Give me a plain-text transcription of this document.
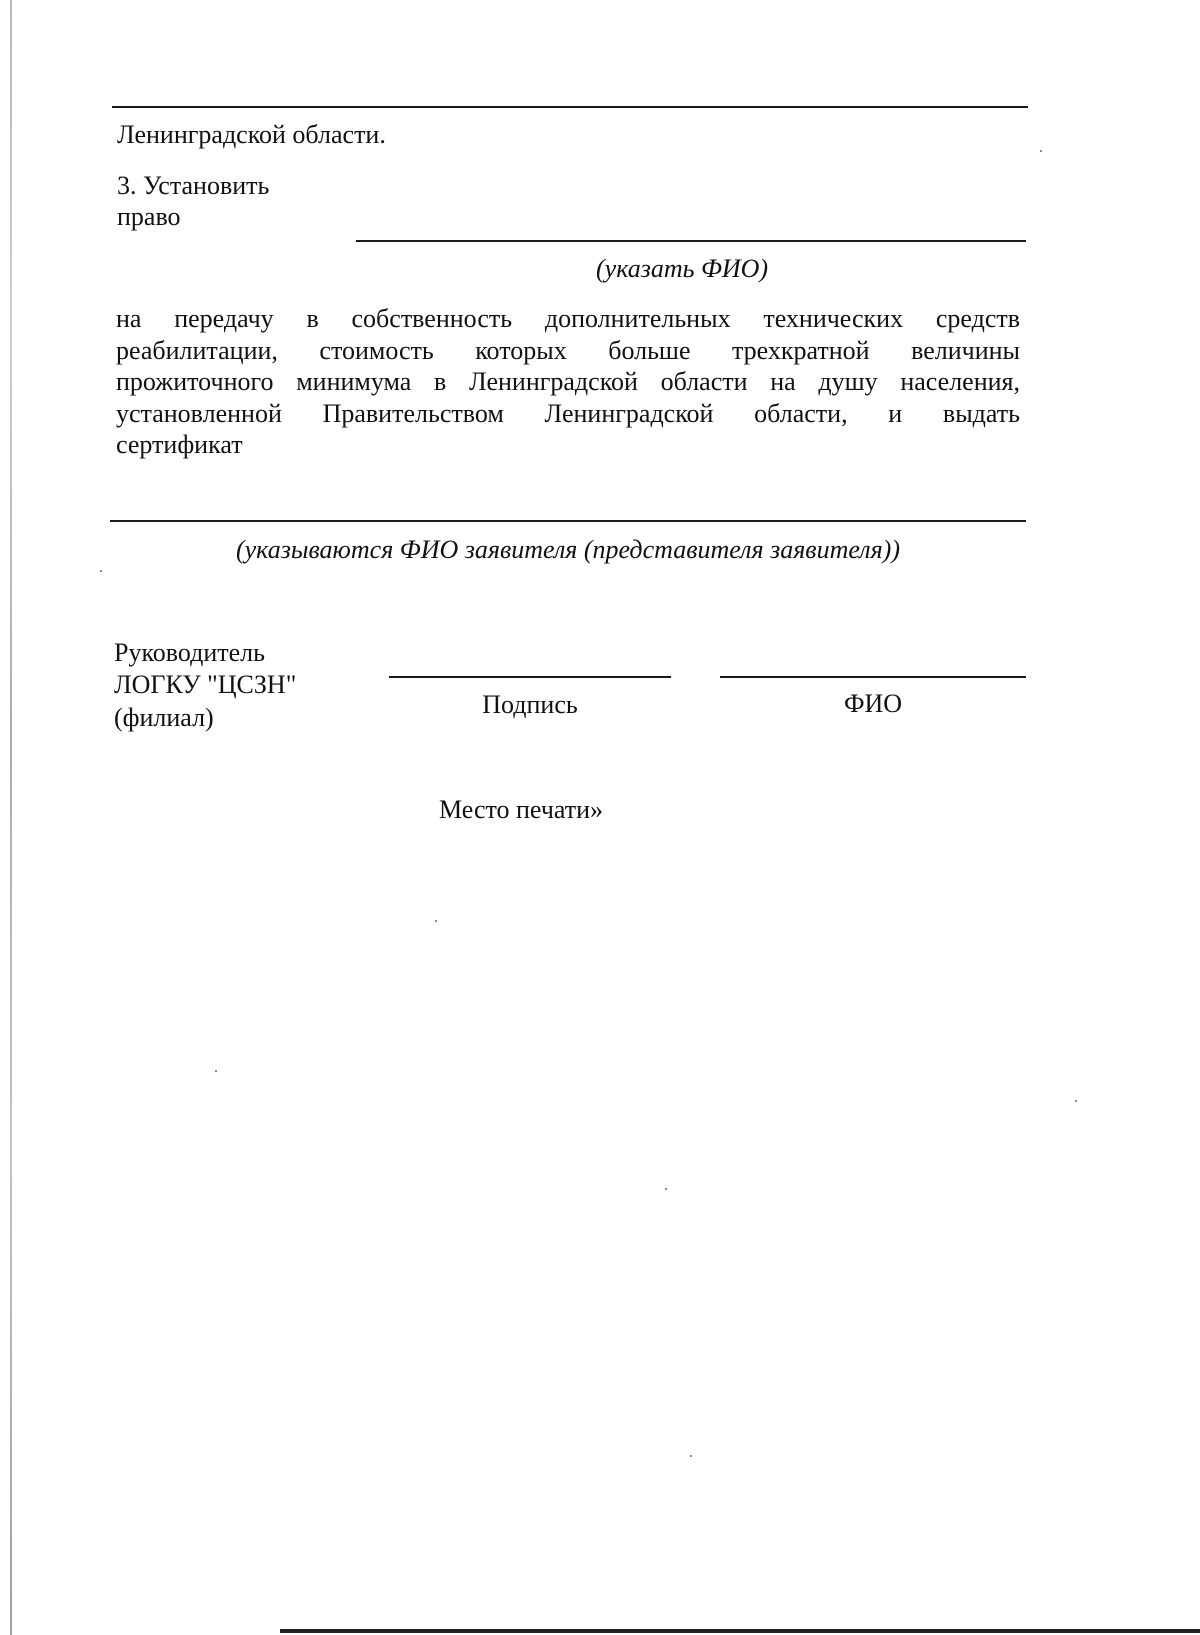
Ленинградской области.
3. Установить
право
(указать ФИО)
на передачу в собственность дополнительных технических средств
реабилитации, стоимость которых больше трехкратной величины
прожиточного минимума в Ленинградской области на душу населения,
установленной Правительством Ленинградской области, и выдать
сертификат
(указываются ФИО заявителя (представителя заявителя))
Руководитель
ЛОГКУ "ЦСЗН"
(филиал)	Подпись	ФИО
Место печати»
